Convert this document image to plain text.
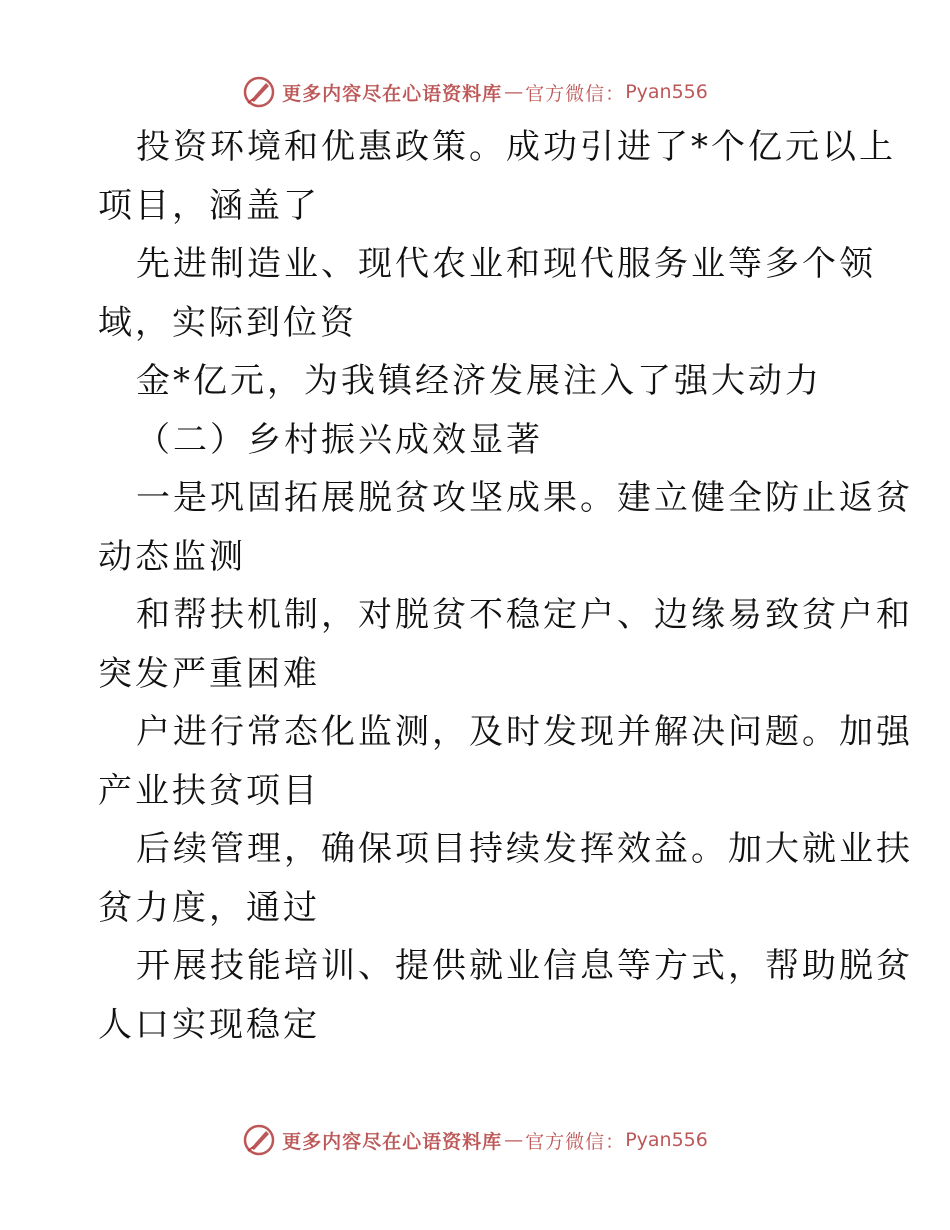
更多内容尽在心语资料库 — 官方微信： Pyan556
投资环境和优惠政策。成功引进了*个亿元以上
项目，涵盖了
先进制造业、现代农业和现代服务业等多个领
域，实际到位资
金*亿元，为我镇经济发展注入了强大动力
（二）乡村振兴成效显著
一是巩固拓展脱贫攻坚成果。建立健全防止返贫
动态监测
和帮扶机制，对脱贫不稳定户、边缘易致贫户和
突发严重困难
户进行常态化监测，及时发现并解决问题。加强
产业扶贫项目
后续管理，确保项目持续发挥效益。加大就业扶
贫力度，通过
开展技能培训、提供就业信息等方式，帮助脱贫
人口实现稳定
更多内容尽在心语资料库 — 官方微信： Pyan556
